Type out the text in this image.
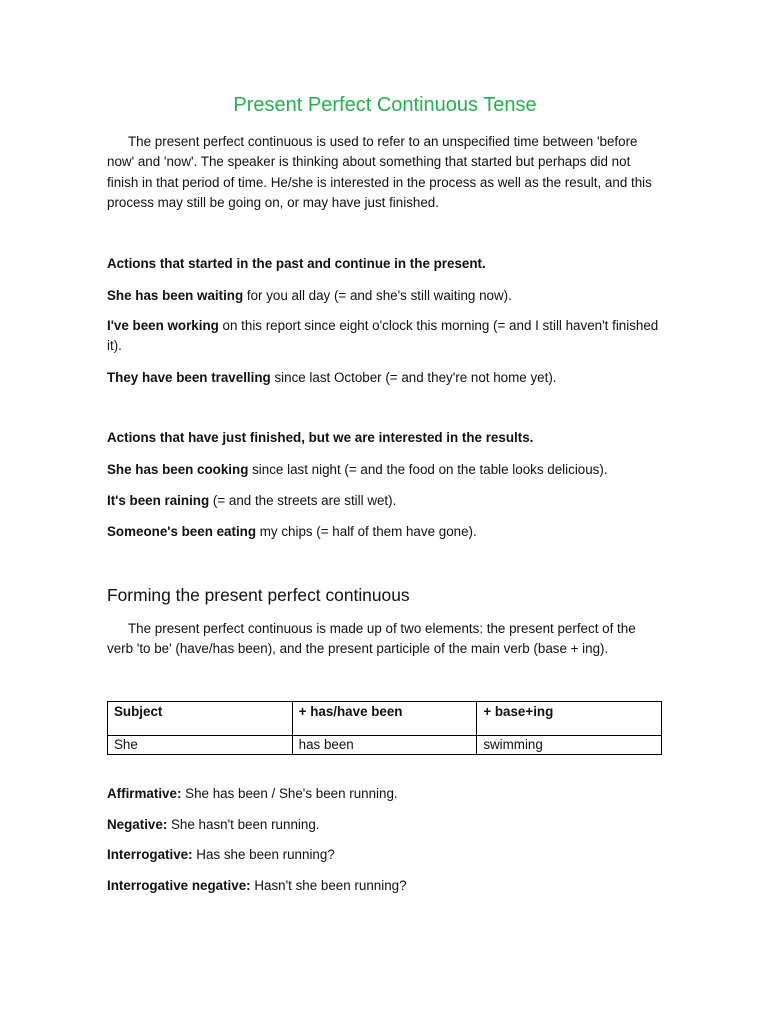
Present Perfect Continuous Tense

The present perfect continuous is used to refer to an unspecified time between 'before now' and 'now'. The speaker is thinking about something that started but perhaps did not finish in that period of time. He/she is interested in the process as well as the result, and this process may still be going on, or may have just finished.

Actions that started in the past and continue in the present.

She has been waiting for you all day (= and she's still waiting now).

I've been working on this report since eight o'clock this morning (= and I still haven't finished it).

They have been travelling since last October (= and they're not home yet).

Actions that have just finished, but we are interested in the results.

She has been cooking since last night (= and the food on the table looks delicious).

It's been raining (= and the streets are still wet).

Someone's been eating my chips (= half of them have gone).

Forming the present perfect continuous

The present perfect continuous is made up of two elements: the present perfect of the verb 'to be' (have/has been), and the present participle of the main verb (base + ing).

Subject	+ has/have been	+ base+ing
She	has been	swimming

Affirmative: She has been / She's been running.

Negative: She hasn't been running.

Interrogative: Has she been running?

Interrogative negative: Hasn't she been running?
